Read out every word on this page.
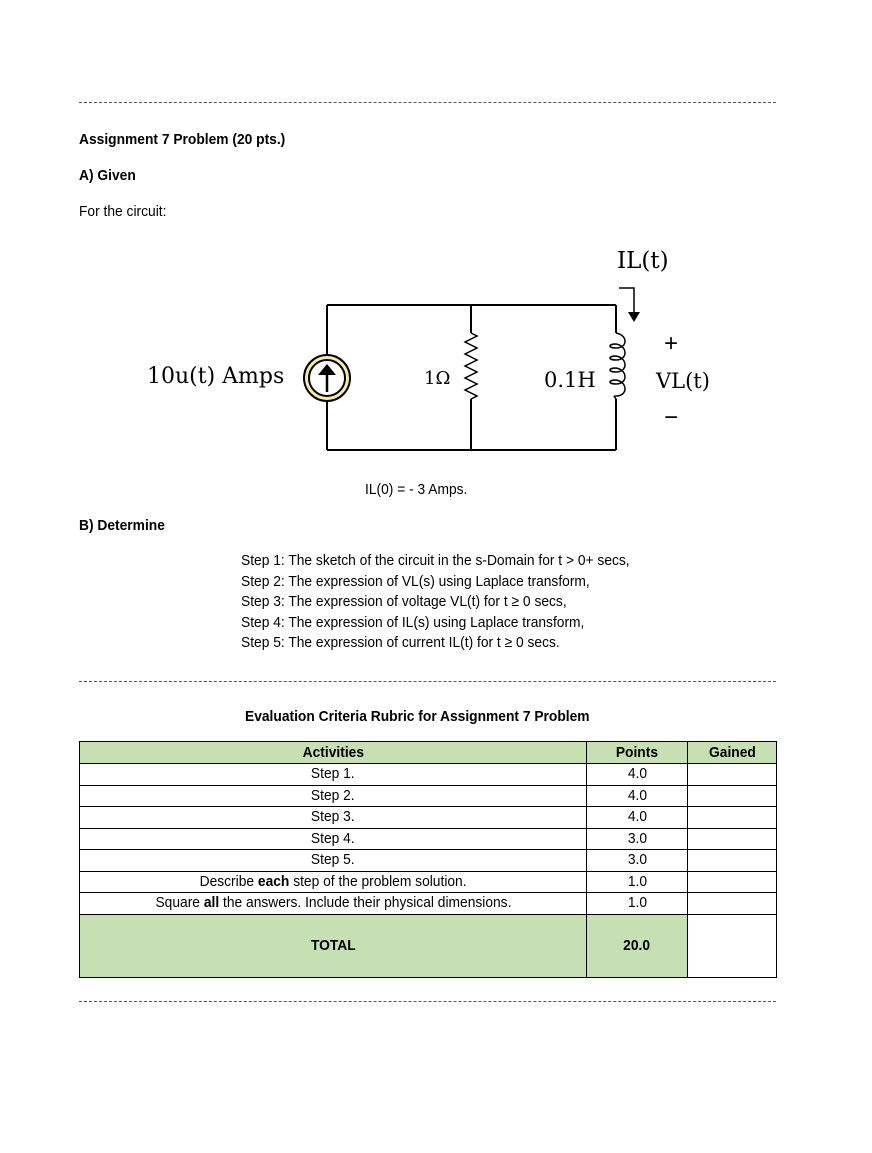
Assignment 7 Problem (20 pts.)
A) Given
For the circuit:
10u(t) Amps	1Ω	0.1H
IL(t)
VL(t)
+
−
IL(0) = - 3 Amps.
B) Determine
Step 1: The sketch of the circuit in the s-Domain for t > 0+ secs,
Step 2: The expression of VL(s) using Laplace transform,
Step 3: The expression of voltage VL(t) for t ≥ 0 secs,
Step 4: The expression of IL(s) using Laplace transform,
Step 5: The expression of current IL(t) for t ≥ 0 secs.
Evaluation Criteria Rubric for Assignment 7 Problem
Activities	Points	Gained
Step 1.	4.0	
Step 2.	4.0	
Step 3.	4.0	
Step 4.	3.0	
Step 5.	3.0	
Describe each step of the problem solution.	1.0	
Square all the answers. Include their physical dimensions.	1.0	
TOTAL	20.0	
